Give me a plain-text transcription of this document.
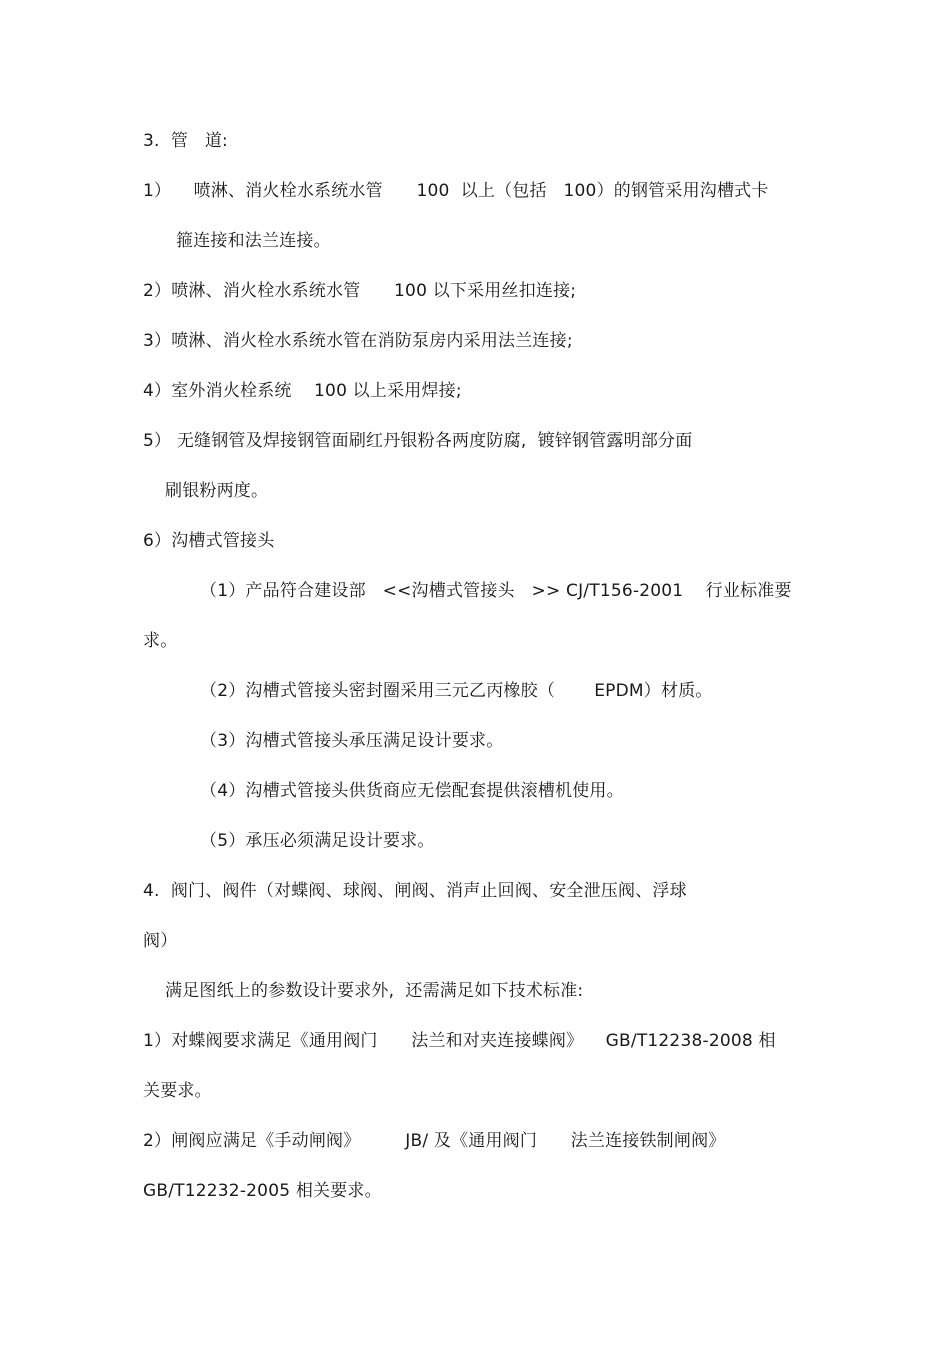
3.  管   道:
1）    喷淋、消火栓水系统水管      100  以上（包括   100）的钢管采用沟槽式卡
箍连接和法兰连接。
2）喷淋、消火栓水系统水管      100 以下采用丝扣连接;
3）喷淋、消火栓水系统水管在消防泵房内采用法兰连接;
4）室外消火栓系统    100 以上采用焊接;
5） 无缝钢管及焊接钢管面刷红丹银粉各两度防腐,  镀锌钢管露明部分面
刷银粉两度。
6）沟槽式管接头
（1）产品符合建设部   <<沟槽式管接头   >> CJ/T156-2001    行业标准要
求。
（2）沟槽式管接头密封圈采用三元乙丙橡胶（       EPDM）材质。
（3）沟槽式管接头承压满足设计要求。
（4）沟槽式管接头供货商应无偿配套提供滚槽机使用。
（5）承压必须满足设计要求。
4.  阀门、阀件（对蝶阀、球阀、闸阀、消声止回阀、安全泄压阀、浮球
阀）
满足图纸上的参数设计要求外,  还需满足如下技术标准:
1）对蝶阀要求满足《通用阀门      法兰和对夹连接蝶阀》    GB/T12238-2008 相
关要求。
2）闸阀应满足《手动闸阀》        JB/ 及《通用阀门      法兰连接铁制闸阀》
GB/T12232-2005 相关要求。
